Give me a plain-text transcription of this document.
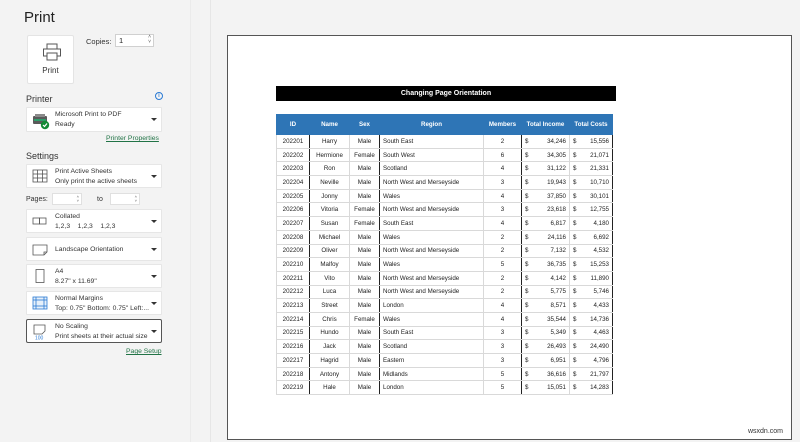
Print
Print
Copies:	1	˄
˅
Printer	i
Microsoft Print to PDF
Ready
Printer Properties
Settings
Print Active Sheets
Only print the active sheets
Pages:	˄
˅	to	˄
˅
Collated
1,2,3    1,2,3    1,2,3
Landscape Orientation
A4
8.27" x 11.69"
Normal Margins
Top: 0.75" Bottom: 0.75" Left:...
100
No Scaling
Print sheets at their actual size
Page Setup
Changing Page Orientation
ID	Name	Sex	Region	Members	Total Income		Total Costs	
202201	Harry	Male	South East	2	$	34,246	$	15,556
202202	Hermione	Female	South West	6	$	34,305	$	21,071
202203	Ron	Male	Scotland	4	$	31,122	$	21,331
202204	Neville	Male	North West and Merseyside	3	$	19,943	$	10,710
202205	Jonny	Male	Wales	4	$	37,850	$	30,101
202206	Vitoria	Female	North West and Merseyside	3	$	23,618	$	12,755
202207	Susan	Female	South East	4	$	6,817	$	4,180
202208	Michael	Male	Wales	2	$	24,116	$	6,692
202209	Oliver	Male	North West and Merseyside	2	$	7,132	$	4,532
202210	Malfoy	Male	Wales	5	$	36,735	$	15,253
202211	Vito	Male	North West and Merseyside	2	$	4,142	$	11,890
202212	Luca	Male	North West and Merseyside	2	$	5,775	$	5,746
202213	Street	Male	London	4	$	8,571	$	4,433
202214	Chris	Female	Wales	4	$	35,544	$	14,736
202215	Hundo	Male	South East	3	$	5,349	$	4,463
202216	Jack	Male	Scotland	3	$	26,493	$	24,490
202217	Hagrid	Male	Eastern	3	$	6,951	$	4,796
202218	Antony	Male	Midlands	5	$	36,616	$	21,797
202219	Hale	Male	London	5	$	15,051	$	14,283
wsxdn.com
